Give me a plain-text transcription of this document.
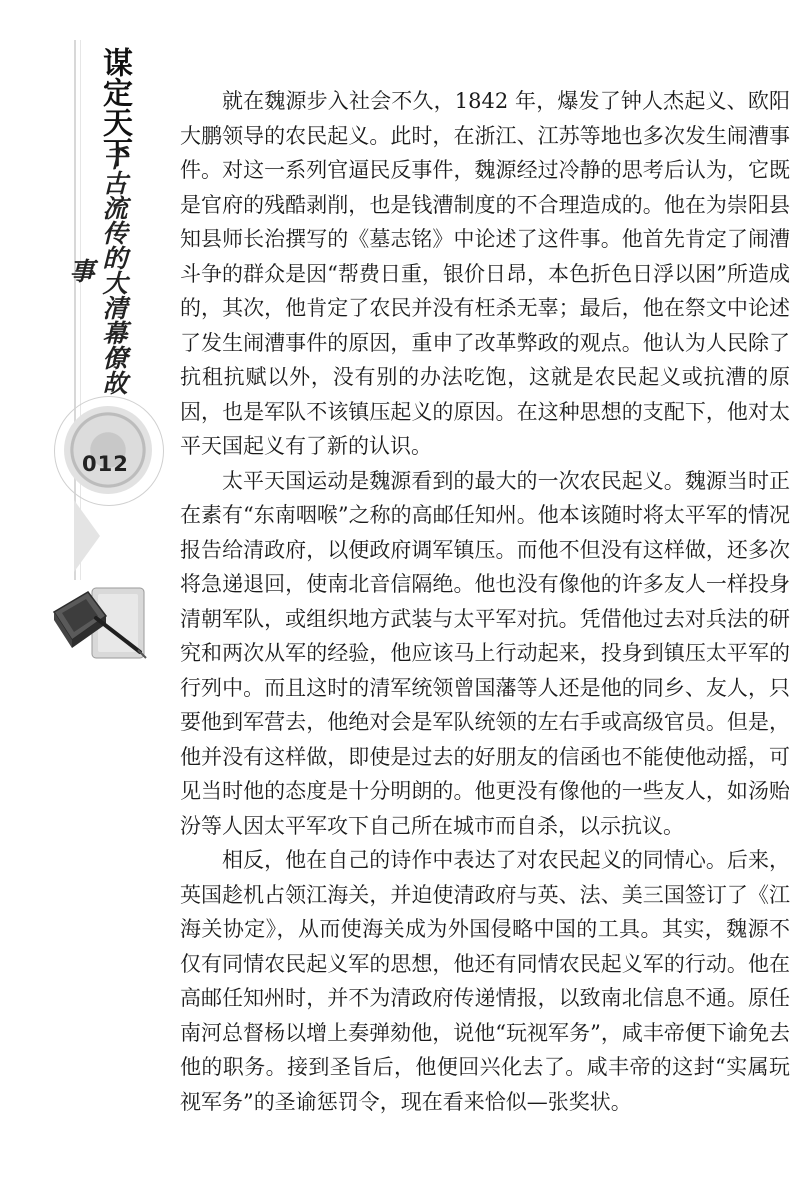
谋定天下
千古流传的大清幕僚故事
012

就在魏源步入社会不久，1842 年，爆发了钟人杰起义、欧阳大鹏领导的农民起义。此时，在浙江、江苏等地也多次发生闹漕事件。对这一系列官逼民反事件，魏源经过冷静的思考后认为，它既是官府的残酷剥削，也是钱漕制度的不合理造成的。他在为崇阳县知县师长治撰写的《墓志铭》中论述了这件事。他首先肯定了闹漕斗争的群众是因“帮费日重，银价日昂，本色折色日浮以困”所造成的，其次，他肯定了农民并没有枉杀无辜；最后，他在祭文中论述了发生闹漕事件的原因，重申了改革弊政的观点。他认为人民除了抗租抗赋以外，没有别的办法吃饱，这就是农民起义或抗漕的原因，也是军队不该镇压起义的原因。在这种思想的支配下，他对太平天国起义有了新的认识。

太平天国运动是魏源看到的最大的一次农民起义。魏源当时正在素有“东南咽喉”之称的高邮任知州。他本该随时将太平军的情况报告给清政府，以便政府调军镇压。而他不但没有这样做，还多次将急递退回，使南北音信隔绝。他也没有像他的许多友人一样投身清朝军队，或组织地方武装与太平军对抗。凭借他过去对兵法的研究和两次从军的经验，他应该马上行动起来，投身到镇压太平军的行列中。而且这时的清军统领曾国藩等人还是他的同乡、友人，只要他到军营去，他绝对会是军队统领的左右手或高级官员。但是，他并没有这样做，即使是过去的好朋友的信函也不能使他动摇，可见当时他的态度是十分明朗的。他更没有像他的一些友人，如汤贻汾等人因太平军攻下自己所在城市而自杀，以示抗议。

相反，他在自己的诗作中表达了对农民起义的同情心。后来，英国趁机占领江海关，并迫使清政府与英、法、美三国签订了《江海关协定》，从而使海关成为外国侵略中国的工具。其实，魏源不仅有同情农民起义军的思想，他还有同情农民起义军的行动。他在高邮任知州时，并不为清政府传递情报，以致南北信息不通。原任南河总督杨以增上奏弹劾他，说他“玩视军务”，咸丰帝便下谕免去他的职务。接到圣旨后，他便回兴化去了。咸丰帝的这封“实属玩视军务”的圣谕惩罚令，现在看来恰似—张奖状。
